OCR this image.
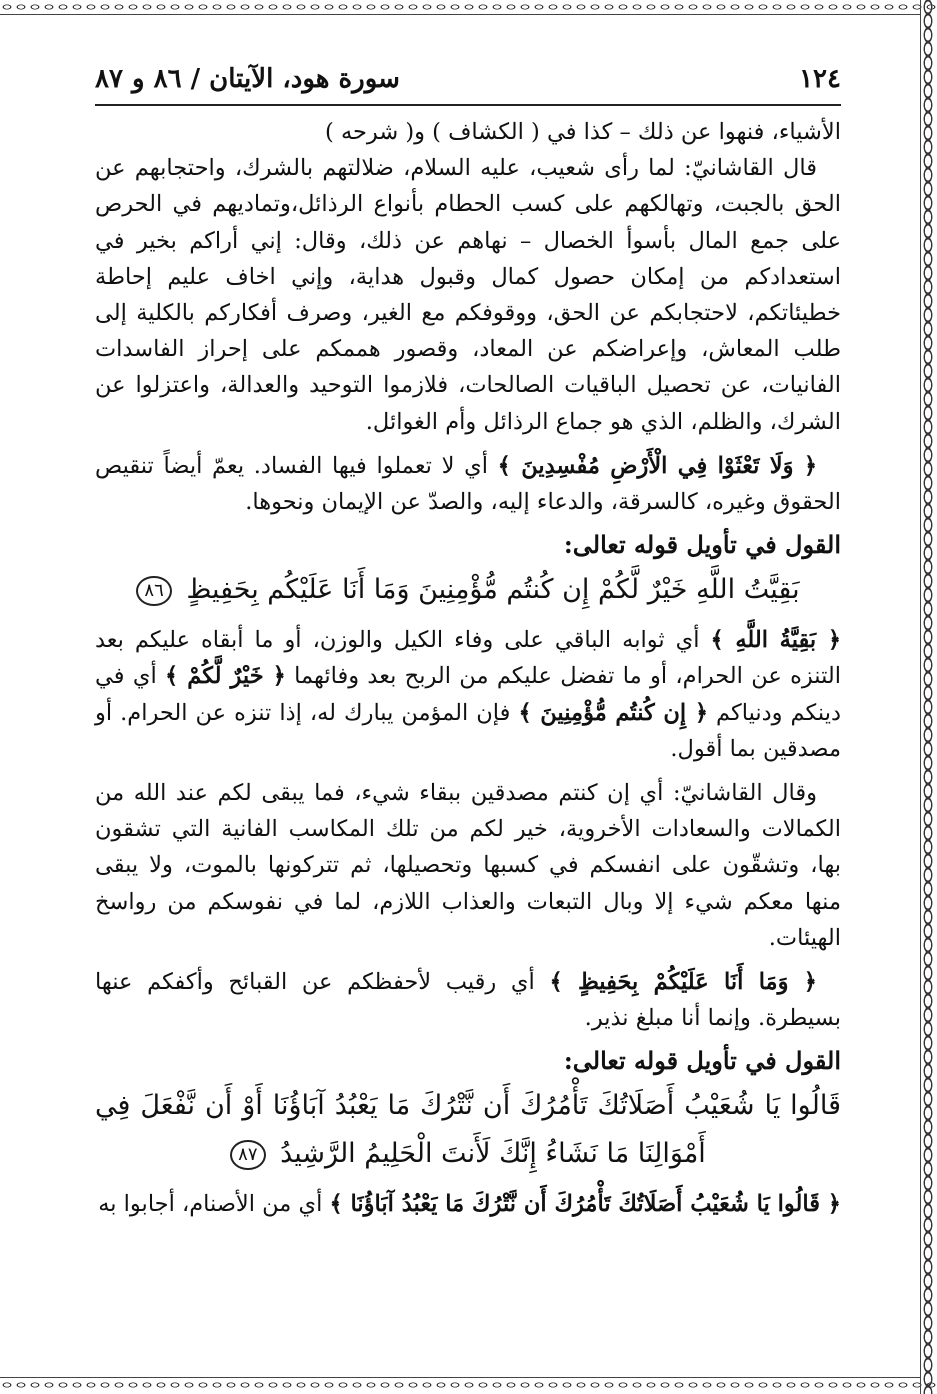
١٢٤
سورة هود، الآيتان / ٨٦ و ٨٧

الأشياء، فنهوا عن ذلك – كذا في ( الكشاف ) و( شرحه )

قال القاشانيّ: لما رأى شعيب، عليه السلام، ضلالتهم بالشرك، واحتجابهم عن الحق بالجبت، وتهالكهم على كسب الحطام بأنواع الرذائل،وتماديهم في الحرص على جمع المال بأسوأ الخصال – نهاهم عن ذلك، وقال: إني أراكم بخير في استعدادكم من إمكان حصول كمال وقبول هداية، وإني اخاف عليم إحاطة خطيئاتكم، لاحتجابكم عن الحق، ووقوفكم مع الغير، وصرف أفكاركم بالكلية إلى طلب المعاش، وإعراضكم عن المعاد، وقصور هممكم على إحراز الفاسدات الفانيات، عن تحصيل الباقيات الصالحات، فلازموا التوحيد والعدالة، واعتزلوا عن الشرك، والظلم، الذي هو جماع الرذائل وأم الغوائل.

﴿ وَلَا تَعْثَوْا فِي الْأَرْضِ مُفْسِدِينَ ﴾ أي لا تعملوا فيها الفساد. يعمّ أيضاً تنقيص الحقوق وغيره، كالسرقة، والدعاء إليه، والصدّ عن الإيمان ونحوها.

القول في تأويل قوله تعالى:

بَقِيَّتُ اللَّهِ خَيْرٌ لَّكُمْ إِن كُنتُم مُّؤْمِنِينَ وَمَا أَنَا عَلَيْكُم بِحَفِيظٍ ٨٦

﴿ بَقِيَّةُ اللَّهِ ﴾ أي ثوابه الباقي على وفاء الكيل والوزن، أو ما أبقاه عليكم بعد التنزه عن الحرام، أو ما تفضل عليكم من الربح بعد وفائهما ﴿ خَيْرٌ لَّكُمْ ﴾ أي في دينكم ودنياكم ﴿ إِن كُنتُم مُّؤْمِنِينَ ﴾ فإن المؤمن يبارك له، إذا تنزه عن الحرام. أو مصدقين بما أقول.

وقال القاشانيّ: أي إن كنتم مصدقين ببقاء شيء، فما يبقى لكم عند الله من الكمالات والسعادات الأخروية، خير لكم من تلك المكاسب الفانية التي تشقون بها، وتشقّون على انفسكم في كسبها وتحصيلها، ثم تتركونها بالموت، ولا يبقى منها معكم شيء إلا وبال التبعات والعذاب اللازم، لما في نفوسكم من رواسخ الهيئات.

﴿ وَمَا أَنَا عَلَيْكُمْ بِحَفِيظٍ ﴾ أي رقيب لأحفظكم عن القبائح وأكفكم عنها بسيطرة. وإنما أنا مبلغ نذير.

القول في تأويل قوله تعالى:

قَالُوا يَا شُعَيْبُ أَصَلَاتُكَ تَأْمُرُكَ أَن نَّتْرُكَ مَا يَعْبُدُ آبَاؤُنَا أَوْ أَن نَّفْعَلَ فِي
أَمْوَالِنَا مَا نَشَاءُ إِنَّكَ لَأَنتَ الْحَلِيمُ الرَّشِيدُ ٨٧

﴿ قَالُوا يَا شُعَيْبُ أَصَلَاتُكَ تَأْمُرُكَ أَن نَّتْرُكَ مَا يَعْبُدُ آبَاؤُنَا ﴾ أي من الأصنام، أجابوا به
